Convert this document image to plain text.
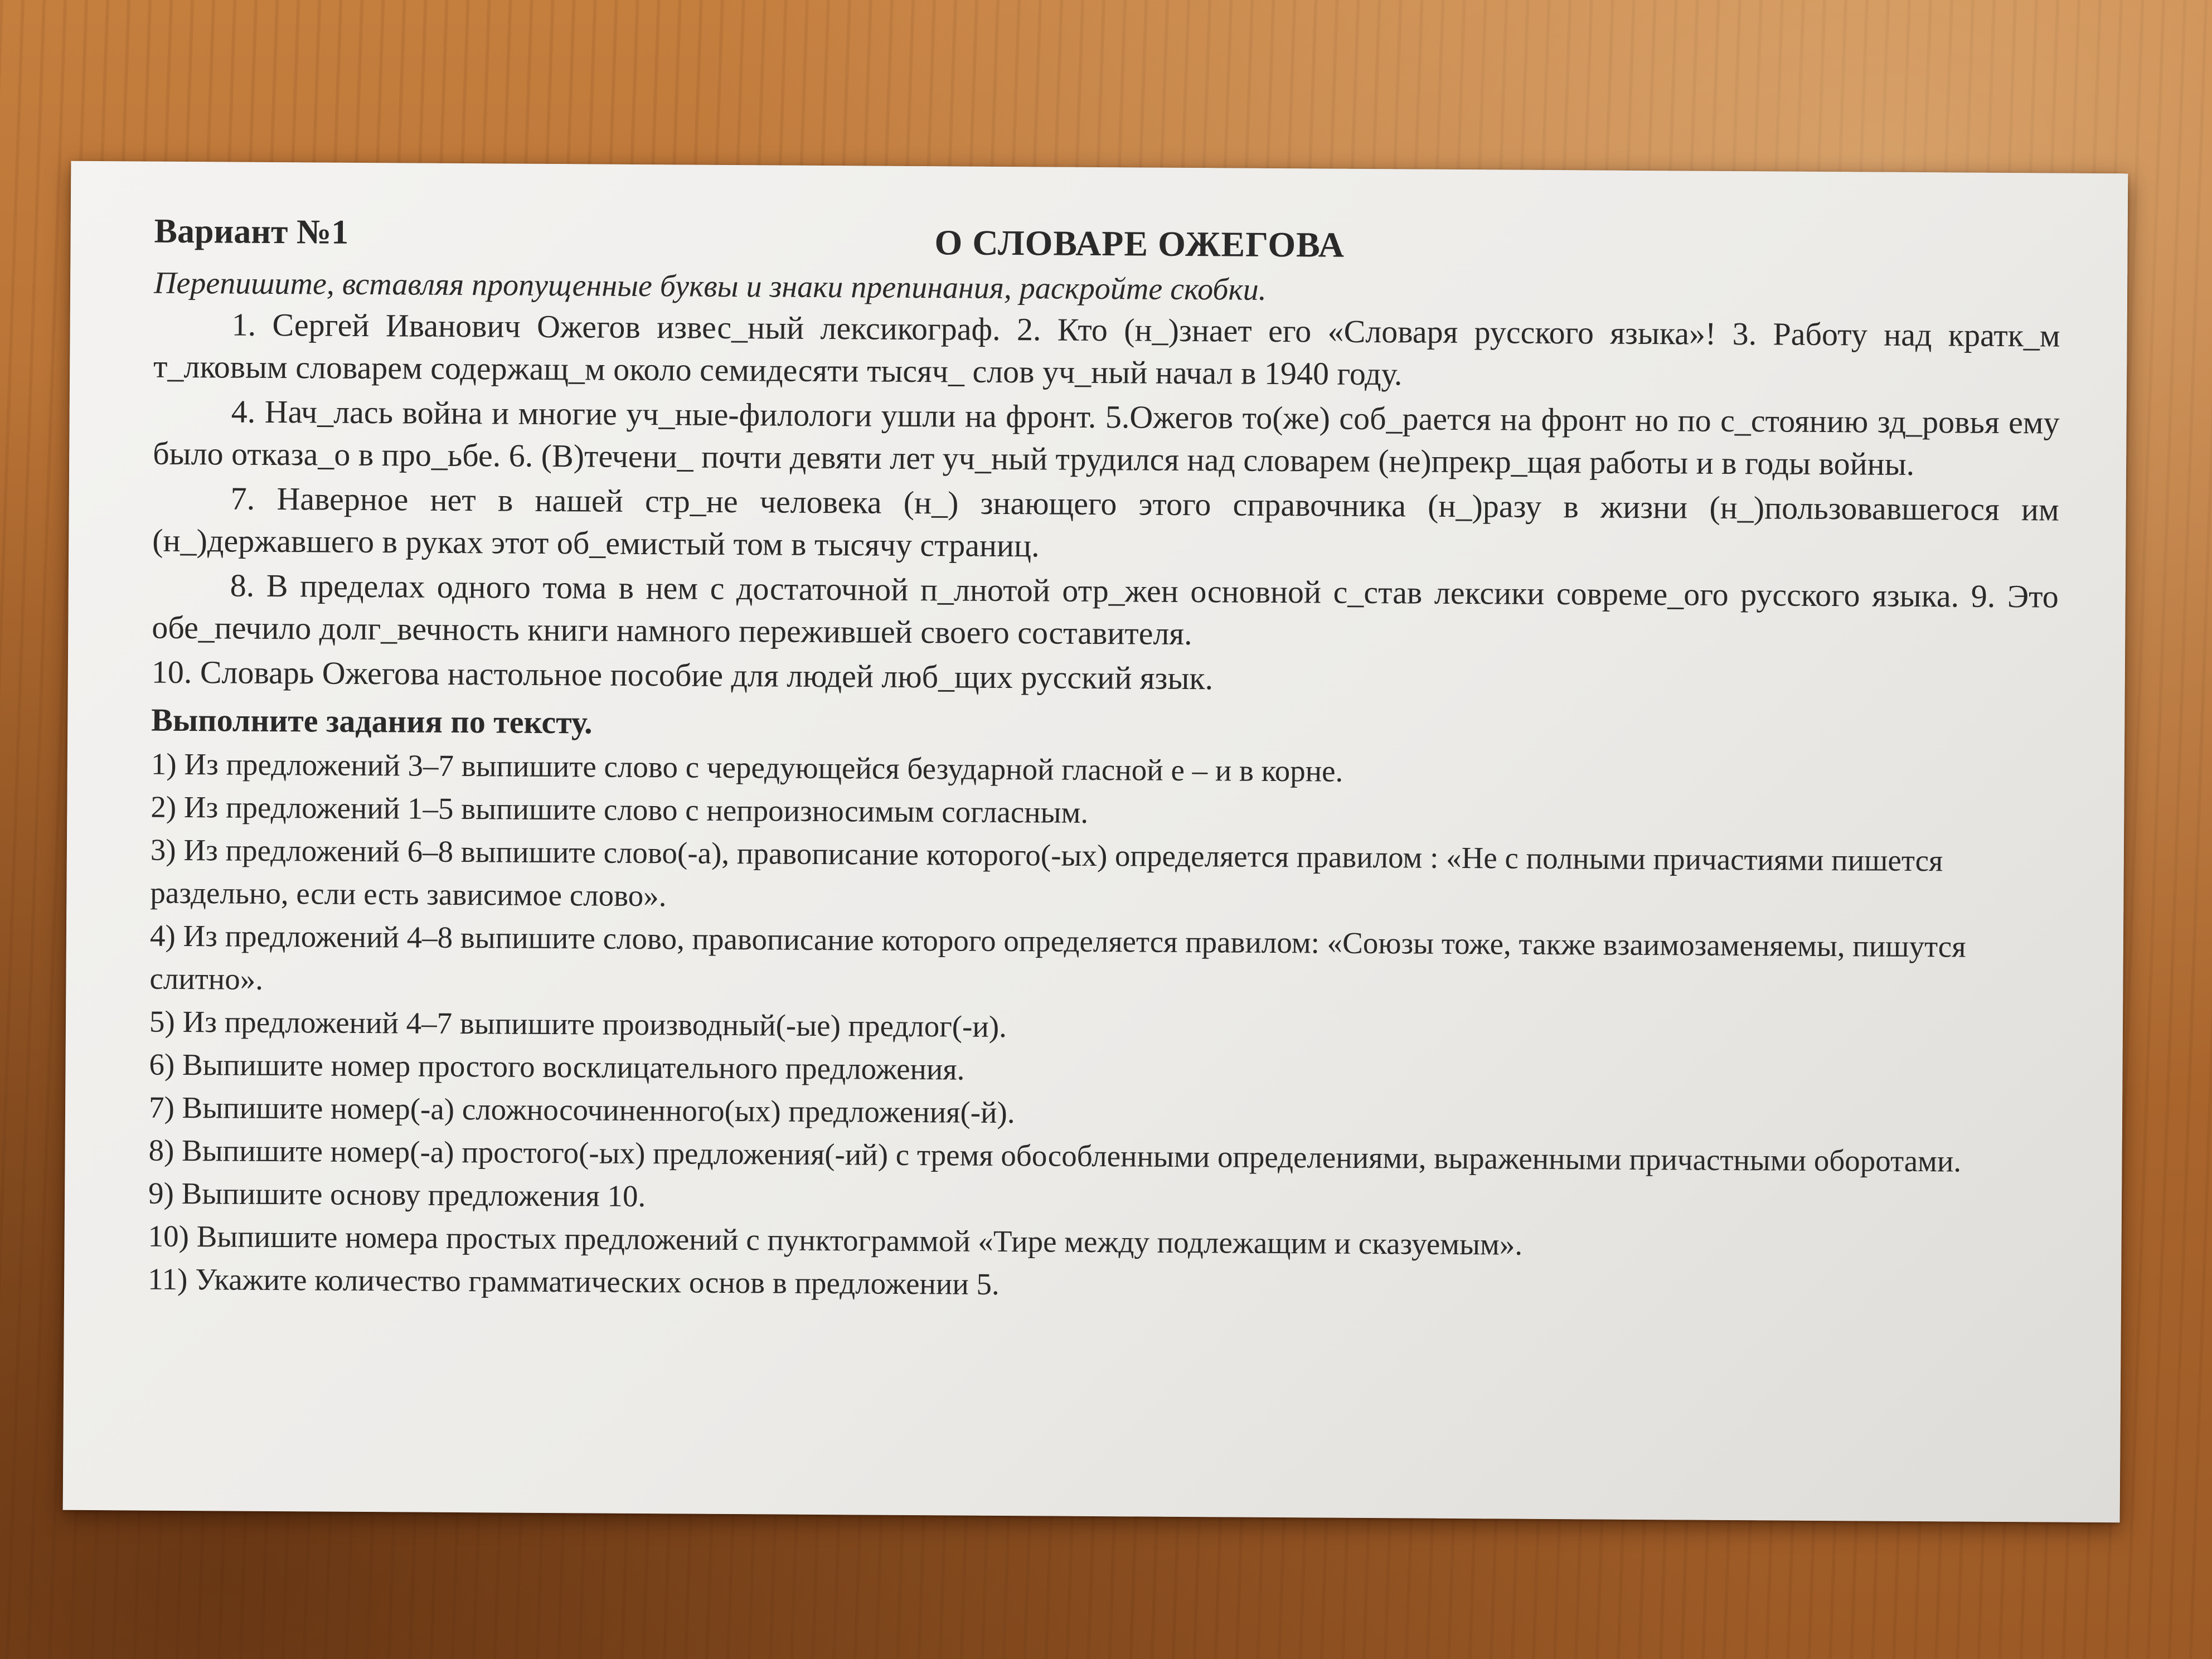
Вариант №1	О СЛОВАРЕ ОЖЕГОВА
Перепишите, вставляя пропущенные буквы и знаки препинания, раскройте скобки.

1. Сергей Иванович Ожегов извес_ный лексикограф. 2. Кто (н_)знает его «Словаря русского языка»! 3. Работу над кратк_м т_лковым словарем содержащ_м около семидесяти тысяч_ слов уч_ный начал в 1940 году.

4. Нач_лась война и многие уч_ные-филологи ушли на фронт. 5.Ожегов то(же) соб_рается на фронт но по с_стоянию зд_ровья ему было отказа_о в про_ьбе. 6. (В)течени_ почти девяти лет уч_ный трудился над словарем (не)прекр_щая работы и в годы войны.

7. Наверное нет в нашей стр_не человека (н_) знающего этого справочника (н_)разу в жизни (н_)пользовавшегося им (н_)державшего в руках этот об_емистый том в тысячу страниц.

8. В пределах одного тома в нем с достаточной п_лнотой отр_жен основной с_став лексики совреме_ого русского языка. 9. Это обе_печило долг_вечность книги намного пережившей своего составителя.

10. Словарь Ожегова настольное пособие для людей люб_щих русский язык.

Выполните задания по тексту.

1) Из предложений 3–7 выпишите слово с чередующейся безударной гласной е – и в корне.

2) Из предложений 1–5 выпишите слово с непроизносимым согласным.

3) Из предложений 6–8 выпишите слово(-а), правописание которого(-ых) определяется правилом : «Не с полными причастиями пишется раздельно, если есть зависимое слово».

4) Из предложений 4–8 выпишите слово, правописание которого определяется правилом: «Союзы тоже, также взаимозаменяемы, пишутся слитно».

5) Из предложений 4–7 выпишите производный(-ые) предлог(-и).

6) Выпишите номер простого восклицательного предложения.

7) Выпишите номер(-а) сложносочиненного(ых) предложения(-й).

8) Выпишите номер(-а) простого(-ых) предложения(-ий) с тремя обособленными определениями, выраженными причастными оборотами.

9) Выпишите основу предложения 10.

10) Выпишите номера простых предложений с пунктограммой «Тире между подлежащим и сказуемым».

11) Укажите количество грамматических основ в предложении 5.
